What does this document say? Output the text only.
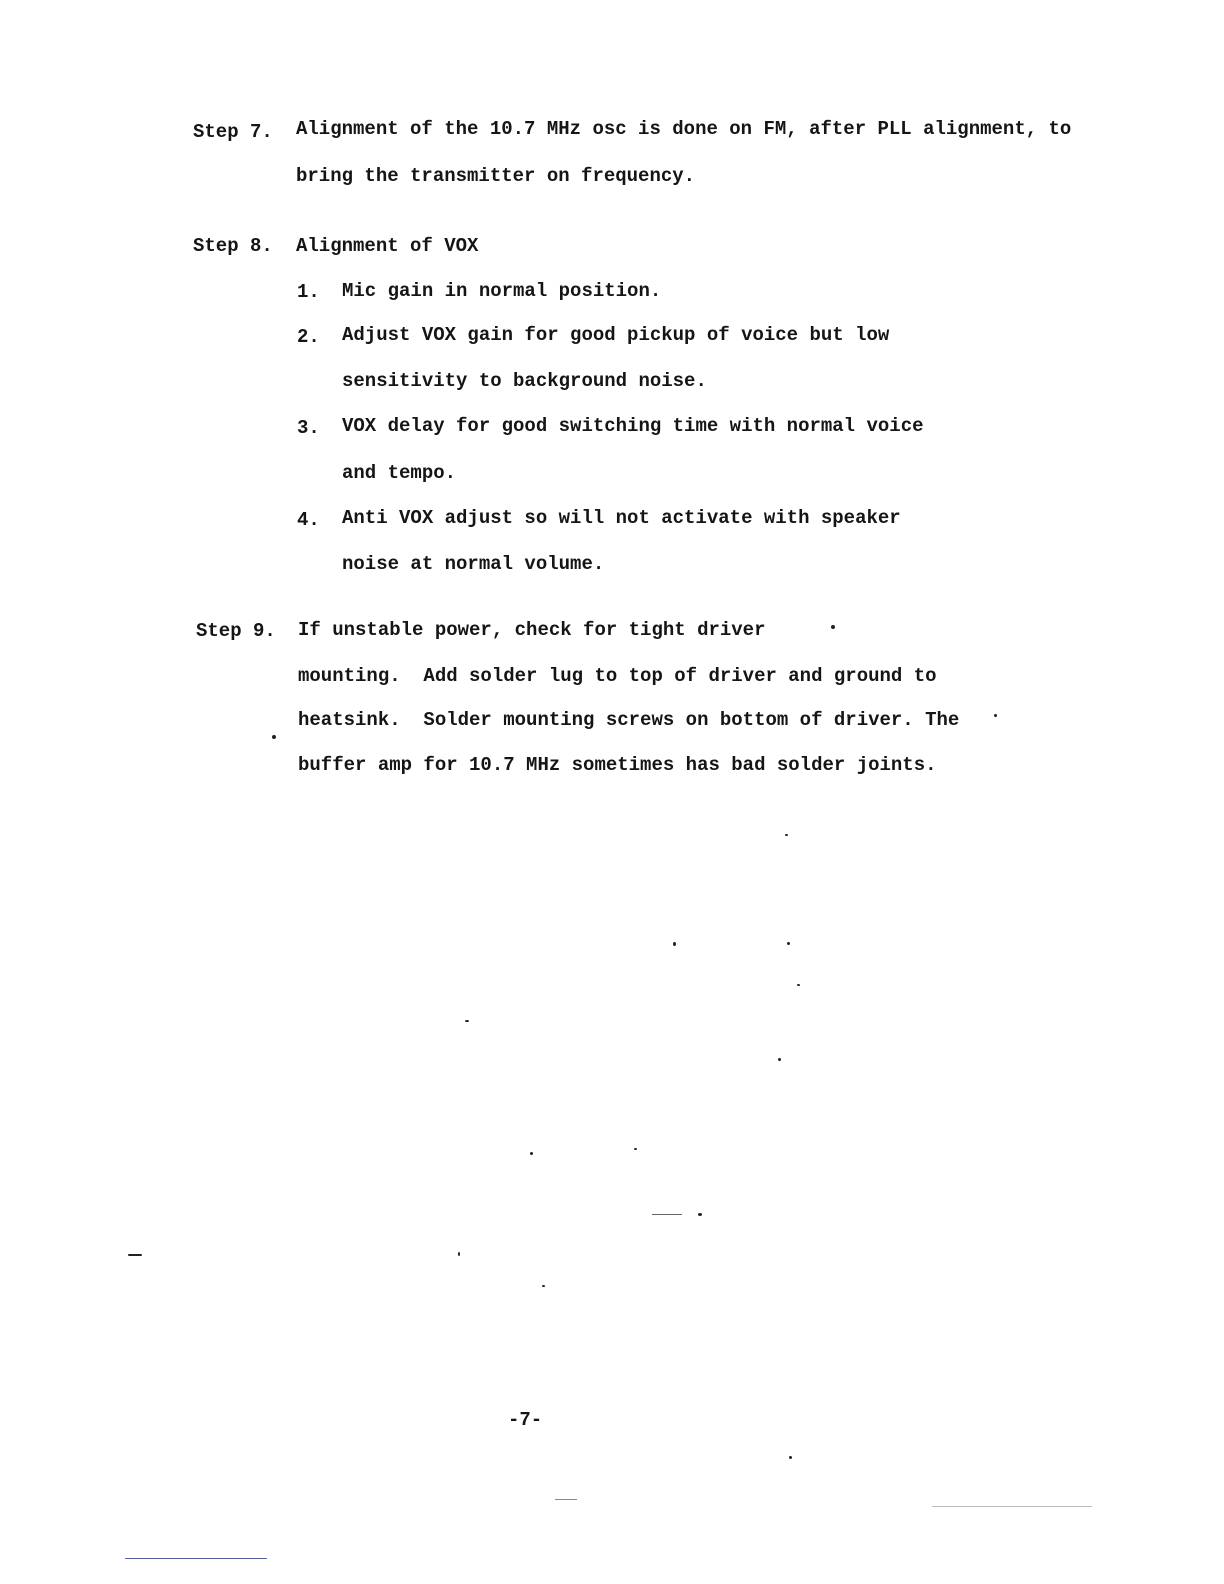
Step 7. Alignment of the 10.7 MHz osc is done on FM, after PLL alignment, to
bring the transmitter on frequency.
Step 8. Alignment of VOX
1. Mic gain in normal position.
2. Adjust VOX gain for good pickup of voice but low
sensitivity to background noise.
3. VOX delay for good switching time with normal voice
and tempo.
4. Anti VOX adjust so will not activate with speaker
noise at normal volume.
Step 9. If unstable power, check for tight driver
mounting.  Add solder lug to top of driver and ground to
heatsink.  Solder mounting screws on bottom of driver. The
buffer amp for 10.7 MHz sometimes has bad solder joints.
-7-
